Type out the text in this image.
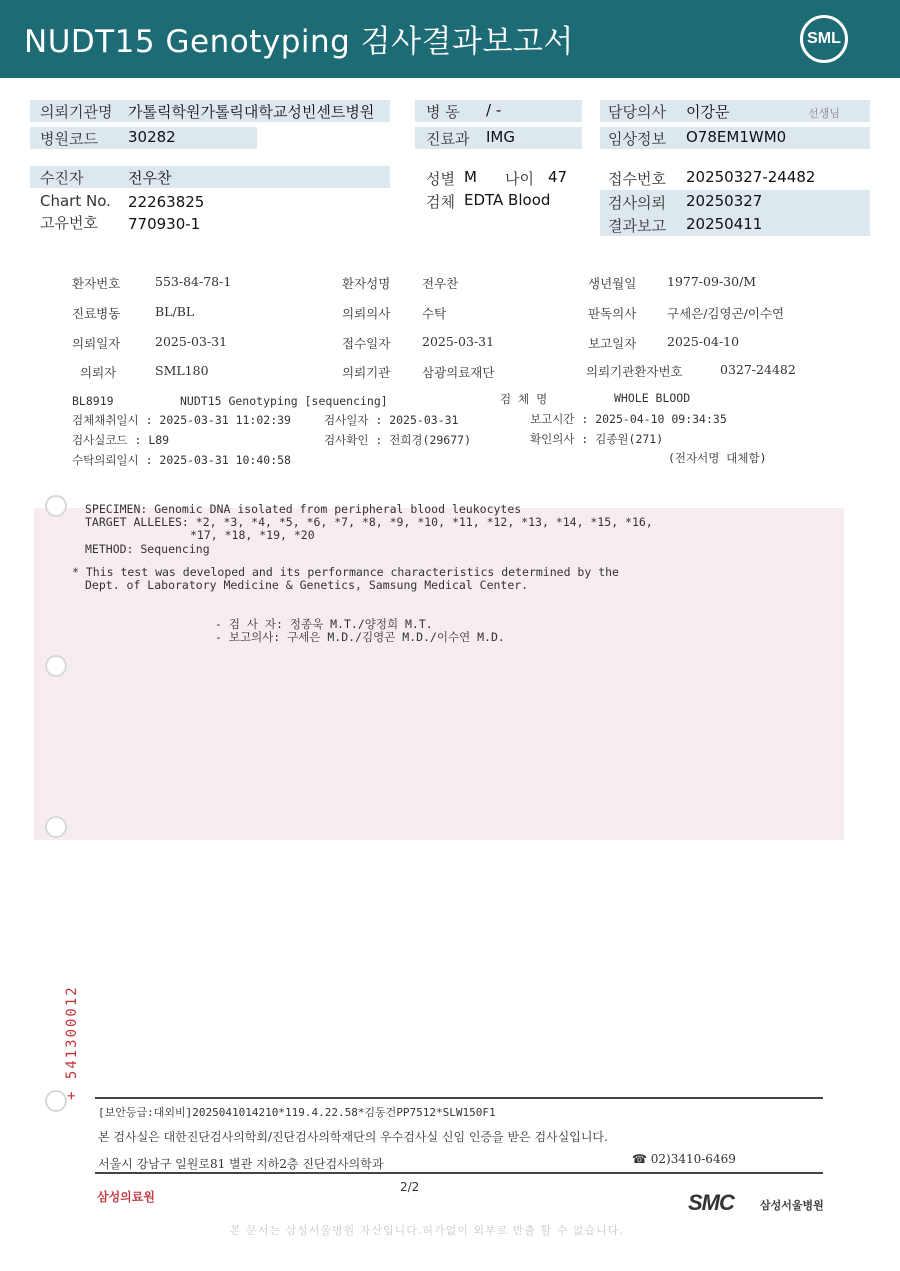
NUDT15 Genotyping 검사결과보고서	SML
의뢰기관명 가톨릭학원가톨릭대학교성빈센트병원
병원코드 30282
병 동 / -
진료과 IMG
담당의사 이강문	선생님
임상정보 O78EM1WM0
수진자	전우찬
Chart No. 22263825
고유번호 770930-1
성별 M 나이 47
검체 EDTA Blood
접수번호 20250327-24482
검사의뢰 20250327
결과보고 20250411
환자번호	553-84-78-1	환자성명	전우찬	생년월일 1977-09-30/M
진료병동	BL/BL	의뢰의사	수탁	판독의사 구세은/김영곤/이수연
의뢰일자	2025-03-31	접수일자	2025-03-31	보고일자 2025-04-10
의뢰자	SML180	의뢰기관	삼광의료재단	의뢰기관환자번호	0327-24482
BL8919	NUDT15 Genotyping [sequencing]	검 체 명	WHOLE BLOOD
검체채취일시 : 2025-03-31 11:02:39	검사일자 : 2025-03-31	보고시간 : 2025-04-10 09:34:35
검사실코드 : L89	검사확인 : 전희경(29677)	확인의사 : 김종원(271)
수탁의뢰일시 : 2025-03-31 10:40:58	(전자서명 대체함)
SPECIMEN: Genomic DNA isolated from peripheral blood leukocytes
TARGET ALLELES: *2, *3, *4, *5, *6, *7, *8, *9, *10, *11, *12, *13, *14, *15, *16,
*17, *18, *19, *20
METHOD: Sequencing
* This test was developed and its performance characteristics determined by the
Dept. of Laboratory Medicine & Genetics, Samsung Medical Center.
- 검 사 자: 정종욱 M.T./양정희 M.T.
- 보고의사: 구세은 M.D./김영곤 M.D./이수연 M.D.
+ 541300012
[보안등급:대외비]2025041014210*119.4.22.58*김동건PP7512*SLW150F1
본 검사실은 대한진단검사의학회/진단검사의학재단의 우수검사실 신임 인증을 받은 검사실입니다.
서울시 강남구 일원로81 별관 지하2층 진단검사의학과	☎ 02)3410-6469
삼성의료원
2/2
SMC 삼성서울병원
본 문서는 삼성서울병원 자산입니다.허가없이 외부로 반출 할 수 없습니다.
